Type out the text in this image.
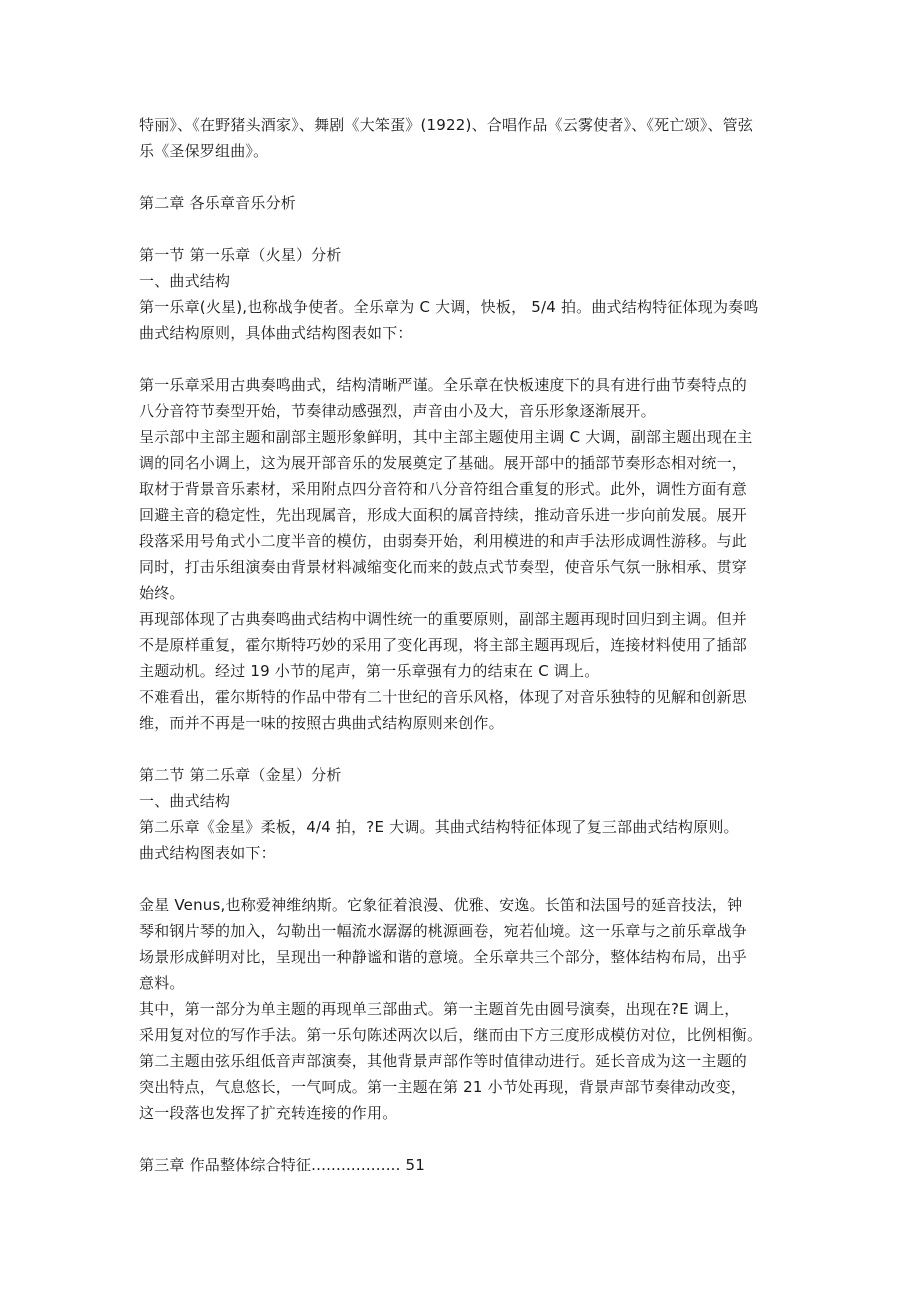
特丽》、《在野猪头酒家》、舞剧《大笨蛋》(1922)、合唱作品《云雾使者》、《死亡颂》、管弦
乐《圣保罗组曲》。
第二章 各乐章音乐分析
第一节 第一乐章（火星）分析
一、曲式结构
第一乐章(火星),也称战争使者。全乐章为 C 大调，快板， 5/4 拍。曲式结构特征体现为奏鸣
曲式结构原则，具体曲式结构图表如下：
第一乐章采用古典奏鸣曲式，结构清晰严谨。全乐章在快板速度下的具有进行曲节奏特点的
八分音符节奏型开始，节奏律动感强烈，声音由小及大，音乐形象逐渐展开。
呈示部中主部主题和副部主题形象鲜明，其中主部主题使用主调 C 大调，副部主题出现在主
调的同名小调上，这为展开部音乐的发展奠定了基础。展开部中的插部节奏形态相对统一，
取材于背景音乐素材，采用附点四分音符和八分音符组合重复的形式。此外，调性方面有意
回避主音的稳定性，先出现属音，形成大面积的属音持续，推动音乐进一步向前发展。展开
段落采用号角式小二度半音的模仿，由弱奏开始，利用模进的和声手法形成调性游移。与此
同时，打击乐组演奏由背景材料减缩变化而来的鼓点式节奏型，使音乐气氛一脉相承、贯穿
始终。
再现部体现了古典奏鸣曲式结构中调性统一的重要原则，副部主题再现时回归到主调。但并
不是原样重复，霍尔斯特巧妙的采用了变化再现，将主部主题再现后，连接材料使用了插部
主题动机。经过 19 小节的尾声，第一乐章强有力的结束在 C 调上。
不难看出，霍尔斯特的作品中带有二十世纪的音乐风格，体现了对音乐独特的见解和创新思
维，而并不再是一味的按照古典曲式结构原则来创作。
第二节 第二乐章（金星）分析
一、曲式结构
第二乐章《金星》柔板，4/4 拍，?E 大调。其曲式结构特征体现了复三部曲式结构原则。
曲式结构图表如下：
金星 Venus,也称爱神维纳斯。它象征着浪漫、优雅、安逸。长笛和法国号的延音技法，钟
琴和钢片琴的加入，勾勒出一幅流水潺潺的桃源画卷，宛若仙境。这一乐章与之前乐章战争
场景形成鲜明对比，呈现出一种静谧和谐的意境。全乐章共三个部分，整体结构布局，出乎
意料。
其中，第一部分为单主题的再现单三部曲式。第一主题首先由圆号演奏，出现在?E 调上，
采用复对位的写作手法。第一乐句陈述两次以后，继而由下方三度形成模仿对位，比例相衡。
第二主题由弦乐组低音声部演奏，其他背景声部作等时值律动进行。延长音成为这一主题的
突出特点，气息悠长，一气呵成。第一主题在第 21 小节处再现，背景声部节奏律动改变，
这一段落也发挥了扩充转连接的作用。
第三章 作品整体综合特征.................. 51
